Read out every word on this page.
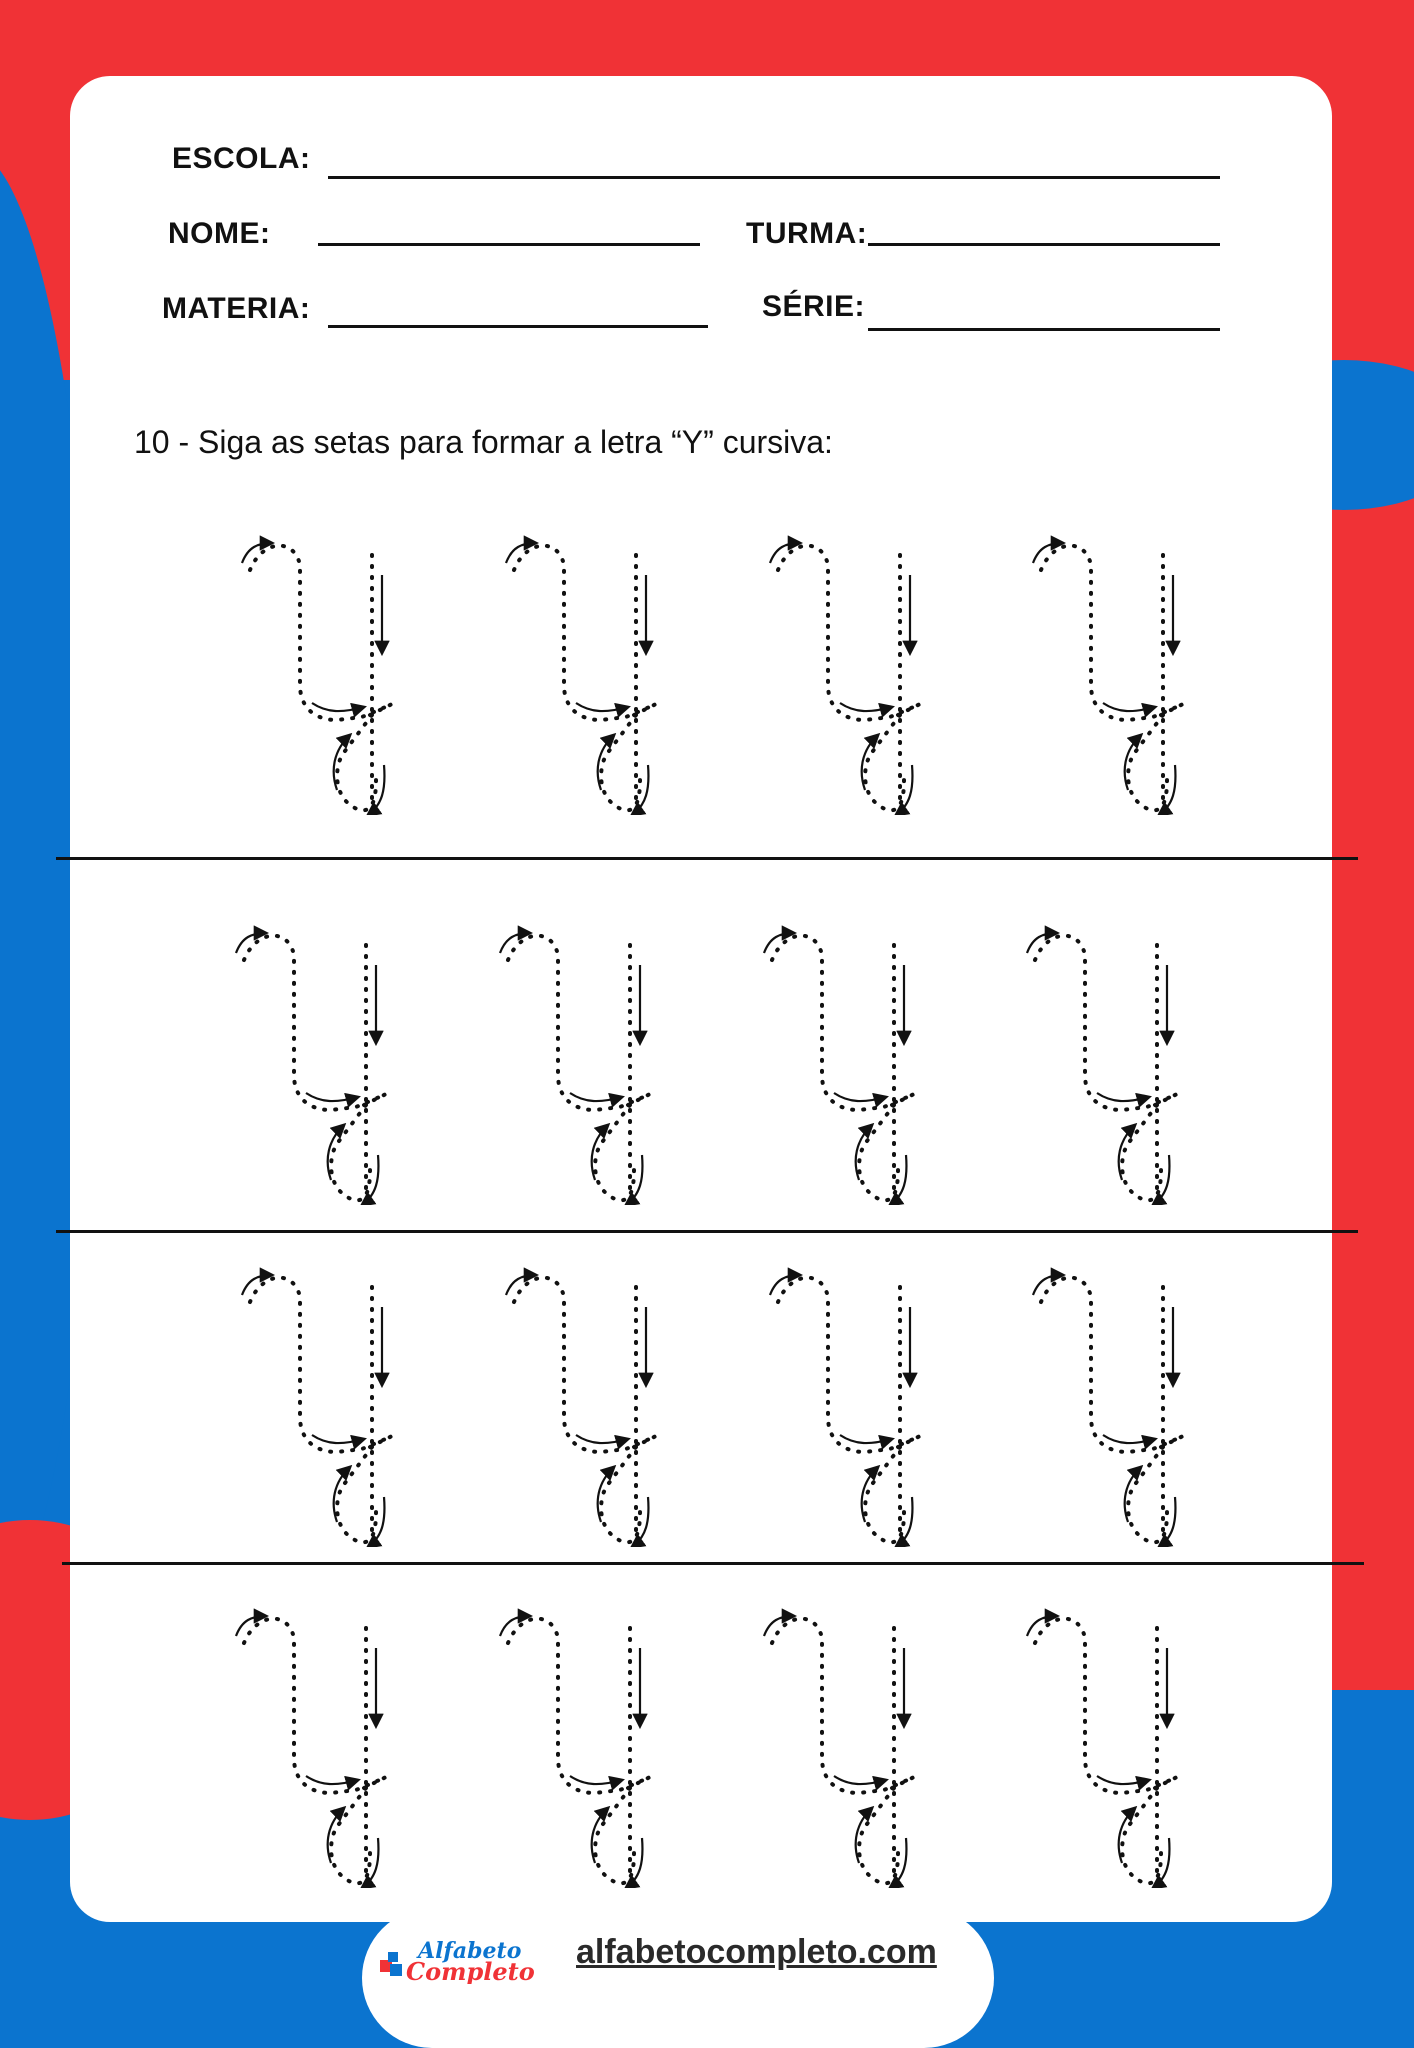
ESCOLA:
NOME:	TURMA:
MATERIA:	SÉRIE:
10 - Siga as setas para formar a letra “Y” cursiva:
Alfabeto
Completo
alfabetocompleto.com
